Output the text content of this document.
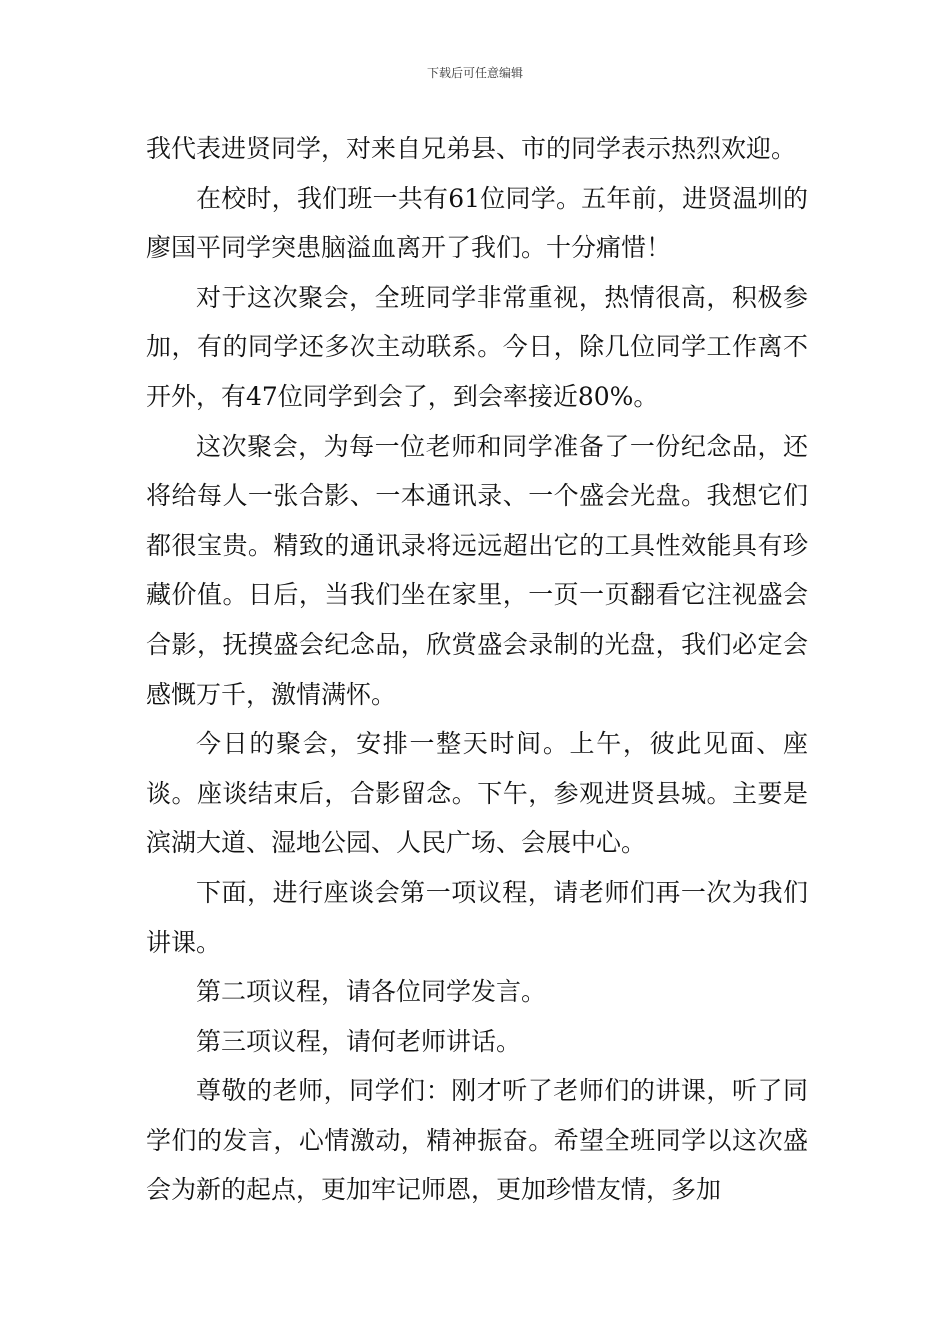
下载后可任意编辑

我代表进贤同学，对来自兄弟县、市的同学表示热烈欢迎。

在校时，我们班一共有61位同学。五年前，进贤温圳的廖国平同学突患脑溢血离开了我们。十分痛惜！

对于这次聚会，全班同学非常重视，热情很高，积极参加，有的同学还多次主动联系。今日，除几位同学工作离不开外，有47位同学到会了，到会率接近80%。

这次聚会，为每一位老师和同学准备了一份纪念品，还将给每人一张合影、一本通讯录、一个盛会光盘。我想它们都很宝贵。精致的通讯录将远远超出它的工具性效能具有珍藏价值。日后，当我们坐在家里，一页一页翻看它注视盛会合影，抚摸盛会纪念品，欣赏盛会录制的光盘，我们必定会感慨万千，激情满怀。

今日的聚会，安排一整天时间。上午，彼此见面、座谈。座谈结束后，合影留念。下午，参观进贤县城。主要是滨湖大道、湿地公园、人民广场、会展中心。

下面，进行座谈会第一项议程，请老师们再一次为我们讲课。

第二项议程，请各位同学发言。

第三项议程，请何老师讲话。

尊敬的老师，同学们：刚才听了老师们的讲课，听了同学们的发言，心情激动，精神振奋。希望全班同学以这次盛会为新的起点，更加牢记师恩，更加珍惜友情，多加
